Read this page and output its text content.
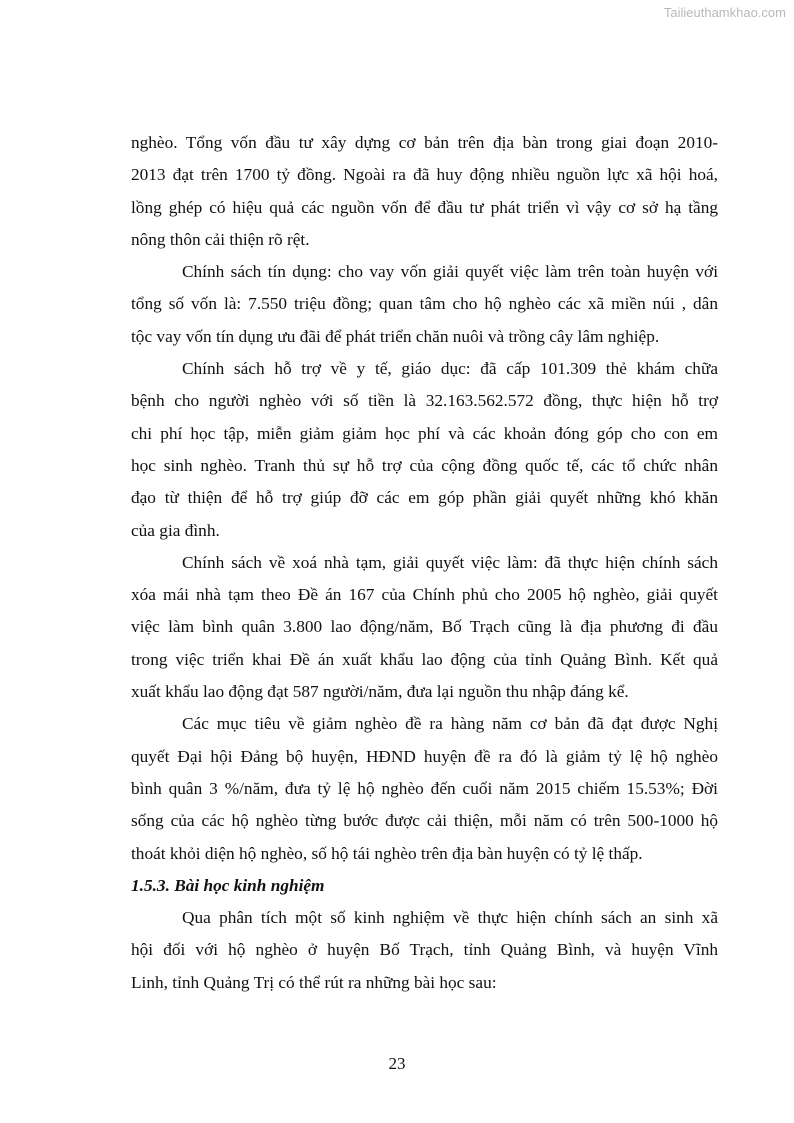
Tailieuthamkhao.com
nghèo. Tổng vốn đầu tư xây dựng cơ bản trên địa bàn trong giai đoạn 2010-
2013 đạt trên 1700 tỷ đồng. Ngoài ra đã huy động nhiều nguồn lực xã hội hoá,
lồng ghép có hiệu quả các nguồn vốn để đầu tư phát triển vì vậy cơ sở hạ tầng
nông thôn cải thiện rõ rệt.
Chính sách tín dụng: cho vay vốn giải quyết việc làm trên toàn huyện với
tổng số vốn là: 7.550 triệu đồng; quan tâm cho hộ nghèo các xã miền núi , dân
tộc vay vốn tín dụng ưu đãi để phát triển chăn nuôi và trồng cây lâm nghiệp.
Chính sách hỗ trợ về y tế, giáo dục: đã cấp 101.309 thẻ khám chữa
bệnh cho người nghèo với số tiền là 32.163.562.572 đồng, thực hiện hỗ trợ
chi phí học tập, miễn giảm giảm học phí và các khoản đóng góp cho con em
học sinh nghèo. Tranh thủ sự hỗ trợ của cộng đồng quốc tế, các tổ chức nhân
đạo từ thiện để hỗ trợ giúp đỡ các em góp phần giải quyết những khó khăn
của gia đình.
Chính sách về xoá nhà tạm, giải quyết việc làm: đã thực hiện chính sách
xóa mái nhà tạm theo Đề án 167 của Chính phủ cho 2005 hộ nghèo, giải quyết
việc làm bình quân 3.800 lao động/năm, Bố Trạch cũng là địa phương đi đầu
trong việc triển khai Đề án xuất khẩu lao động của tỉnh Quảng Bình. Kết quả
xuất khẩu lao động đạt 587 người/năm, đưa lại nguồn thu nhập đáng kể.
Các mục tiêu về giảm nghèo đề ra hàng năm cơ bản đã đạt được Nghị
quyết Đại hội Đảng bộ huyện, HĐND huyện đề ra đó là giảm tỷ lệ hộ nghèo
bình quân 3 %/năm, đưa tỷ lệ hộ nghèo đến cuối năm 2015 chiếm 15.53%; Đời
sống của các hộ nghèo từng bước được cải thiện, mỗi năm có trên 500-1000 hộ
thoát khỏi diện hộ nghèo, số hộ tái nghèo trên địa bàn huyện có tỷ lệ thấp.
1.5.3. Bài học kinh nghiệm
Qua phân tích một số kinh nghiệm về thực hiện chính sách an sinh xã
hội đối với hộ nghèo ở huyện Bố Trạch, tỉnh Quảng Bình, và huyện Vĩnh
Linh, tỉnh Quảng Trị có thể rút ra những bài học sau:
23
